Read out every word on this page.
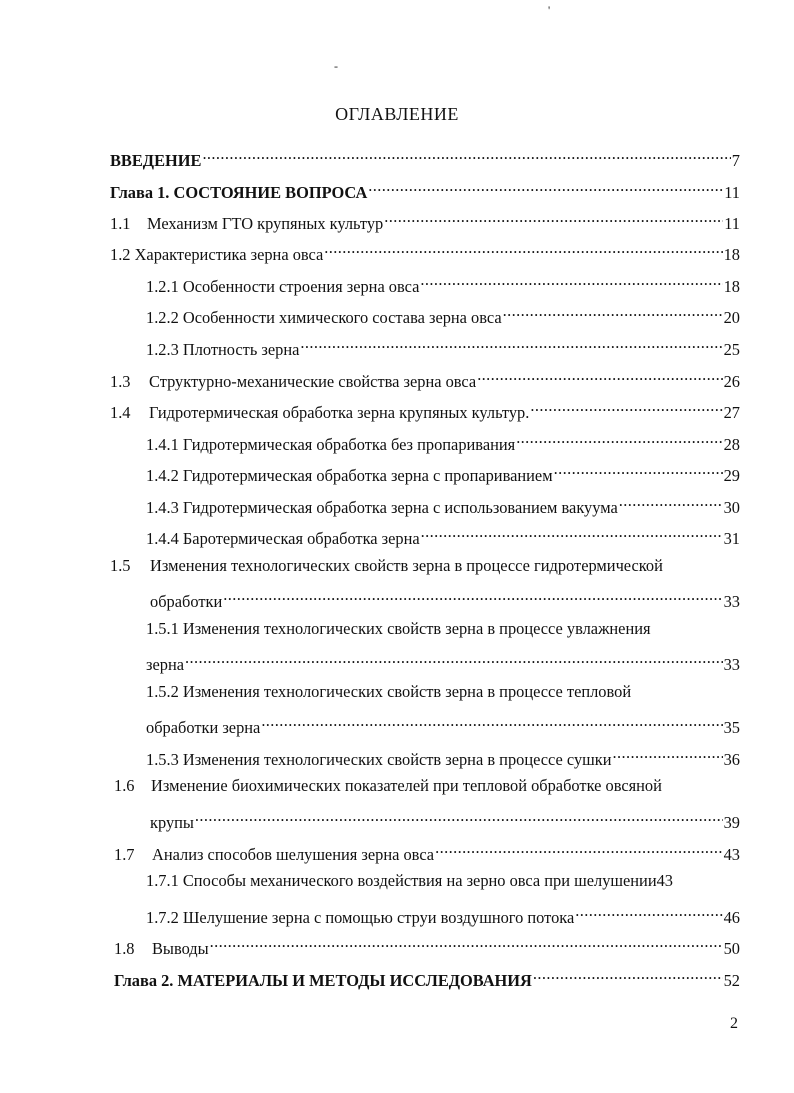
'
-
ОГЛАВЛЕНИЕ
ВВЕДЕНИЕ .....	7
Глава 1. СОСТОЯНИЕ ВОПРОСА .....	11
1.1 Механизм ГТО крупяных культур .....	11
1.2 Характеристика зерна овса .....	18
1.2.1 Особенности строения зерна овса .....	18
1.2.2 Особенности химического состава зерна овса .....	20
1.2.3 Плотность зерна .....	25
1.3 Структурно-механические свойства зерна овса .....	26
1.4 Гидротермическая обработка зерна крупяных культур. .....	27
1.4.1 Гидротермическая обработка без пропаривания .....	28
1.4.2 Гидротермическая обработка зерна с пропариванием .....	29
1.4.3 Гидротермическая обработка зерна с использованием вакуума .....	30
1.4.4 Баротермическая обработка зерна .....	31
1.5 Изменения технологических свойств зерна в процессе гидротермической
обработки .....	33
1.5.1 Изменения технологических свойств зерна в процессе увлажнения
зерна .....	33
1.5.2 Изменения технологических свойств зерна в процессе тепловой
обработки зерна .....	35
1.5.3 Изменения технологических свойств зерна в процессе сушки .....	36
1.6 Изменение биохимических показателей при тепловой обработке овсяной
крупы .....	39
1.7 Анализ способов шелушения зерна овса .....	43
1.7.1 Способы механического воздействия на зерно овса при шелушении43
1.7.2 Шелушение зерна с помощью струи воздушного потока .....	46
1.8 Выводы .....	50
Глава 2. МАТЕРИАЛЫ И МЕТОДЫ ИССЛЕДОВАНИЯ .....	52
2
